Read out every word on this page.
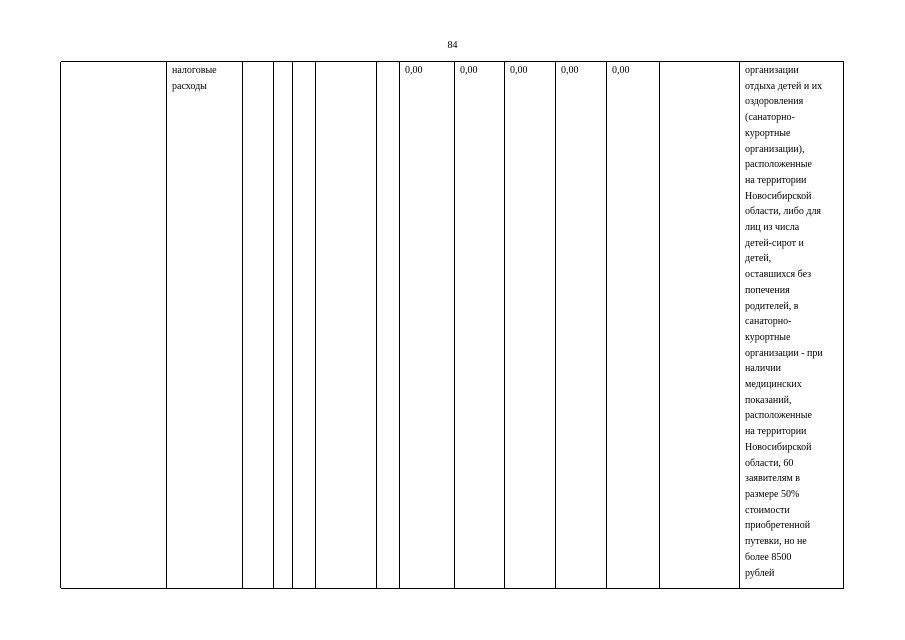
84
налоговые
расходы
0,00	0,00	0,00	0,00	0,00	организации
отдыха детей и их
оздоровления
(санаторно-
курортные
организации),
расположенные
на территории
Новосибирской
области, либо для
лиц из числа
детей-сирот и
детей,
оставшихся без
попечения
родителей, в
санаторно-
курортные
организации - при
наличии
медицинских
показаний,
расположенные
на территории
Новосибирской
области, 60
заявителям в
размере 50%
стоимости
приобретенной
путевки, но не
более 8500
рублей
